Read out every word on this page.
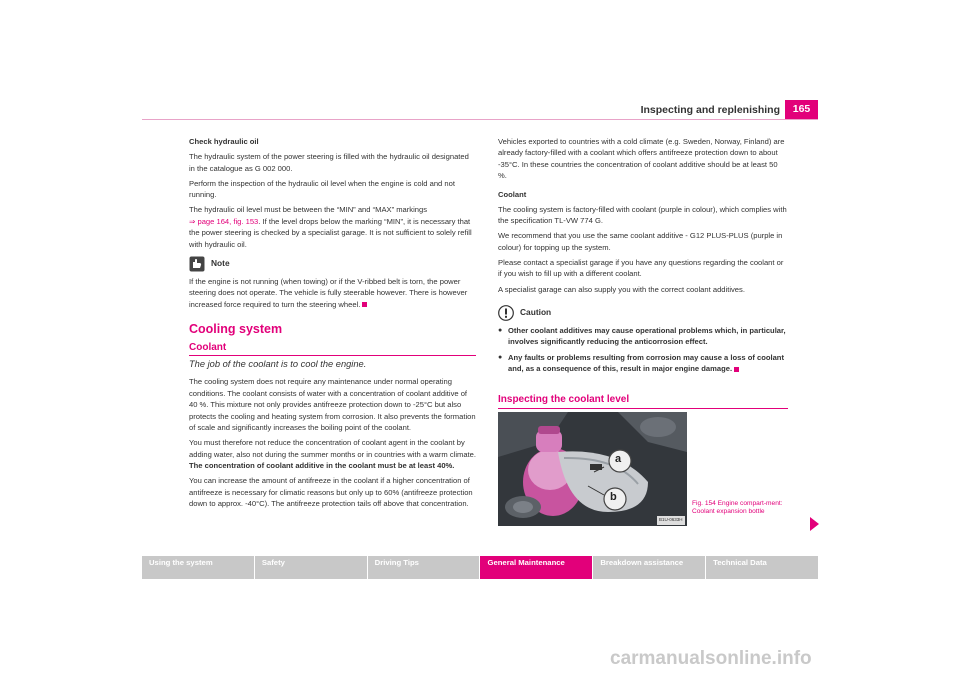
Inspecting and replenishing	165

Check hydraulic oil

The hydraulic system of the power steering is filled with the hydraulic oil designated in the catalogue as G 002 000.

Perform the inspection of the hydraulic oil level when the engine is cold and not running.

The hydraulic oil level must be between the “MIN” and “MAX” markings
⇒ page 164, fig. 153. If the level drops below the marking “MIN”, it is necessary that the power steering is checked by a specialist garage. It is not sufficient to solely refill with hydraulic oil.

Note

If the engine is not running (when towing) or if the V-ribbed belt is torn, the power steering does not operate. The vehicle is fully steerable however. There is however increased force required to turn the steering wheel.

Cooling system
Coolant
The job of the coolant is to cool the engine.

The cooling system does not require any maintenance under normal operating conditions. The coolant consists of water with a concentration of coolant additive of 40 %. This mixture not only provides antifreeze protection down to -25°C but also protects the cooling and heating system from corrosion. It also prevents the formation of scale and significantly increases the boiling point of the coolant.

You must therefore not reduce the concentration of coolant agent in the coolant by adding water, also not during the summer months or in countries with a warm climate. The concentration of coolant additive in the coolant must be at least 40%.

You can increase the amount of antifreeze in the coolant if a higher concentration of antifreeze is necessary for climatic reasons but only up to 60% (antifreeze protection down to approx. -40°C). The antifreeze protection tails off above that concentration.

Vehicles exported to countries with a cold climate (e.g. Sweden, Norway, Finland) are already factory-filled with a coolant which offers antifreeze protection down to about -35°C. In these countries the concentration of coolant additive should be at least 50 %.

Coolant

The cooling system is factory-filled with coolant (purple in colour), which complies with the specification TL-VW 774 G.

We recommend that you use the same coolant additive - G12 PLUS-PLUS (purple in colour) for topping up the system.

Please contact a specialist garage if you have any questions regarding the coolant or if you wish to fill up with a different coolant.

A specialist garage can also supply you with the correct coolant additives.

Caution

● Other coolant additives may cause operational problems which, in particular, involves significantly reducing the anticorrosion effect.

● Any faults or problems resulting from corrosion may cause a loss of coolant and, as a consequence of this, result in major engine damage.

Inspecting the coolant level
a
b
B1U-0633H
Fig. 154 Engine compart-ment: Coolant expansion bottle
Using the system	Safety	Driving Tips	General Maintenance	Breakdown assistance	Technical Data
carmanualsonline.info
